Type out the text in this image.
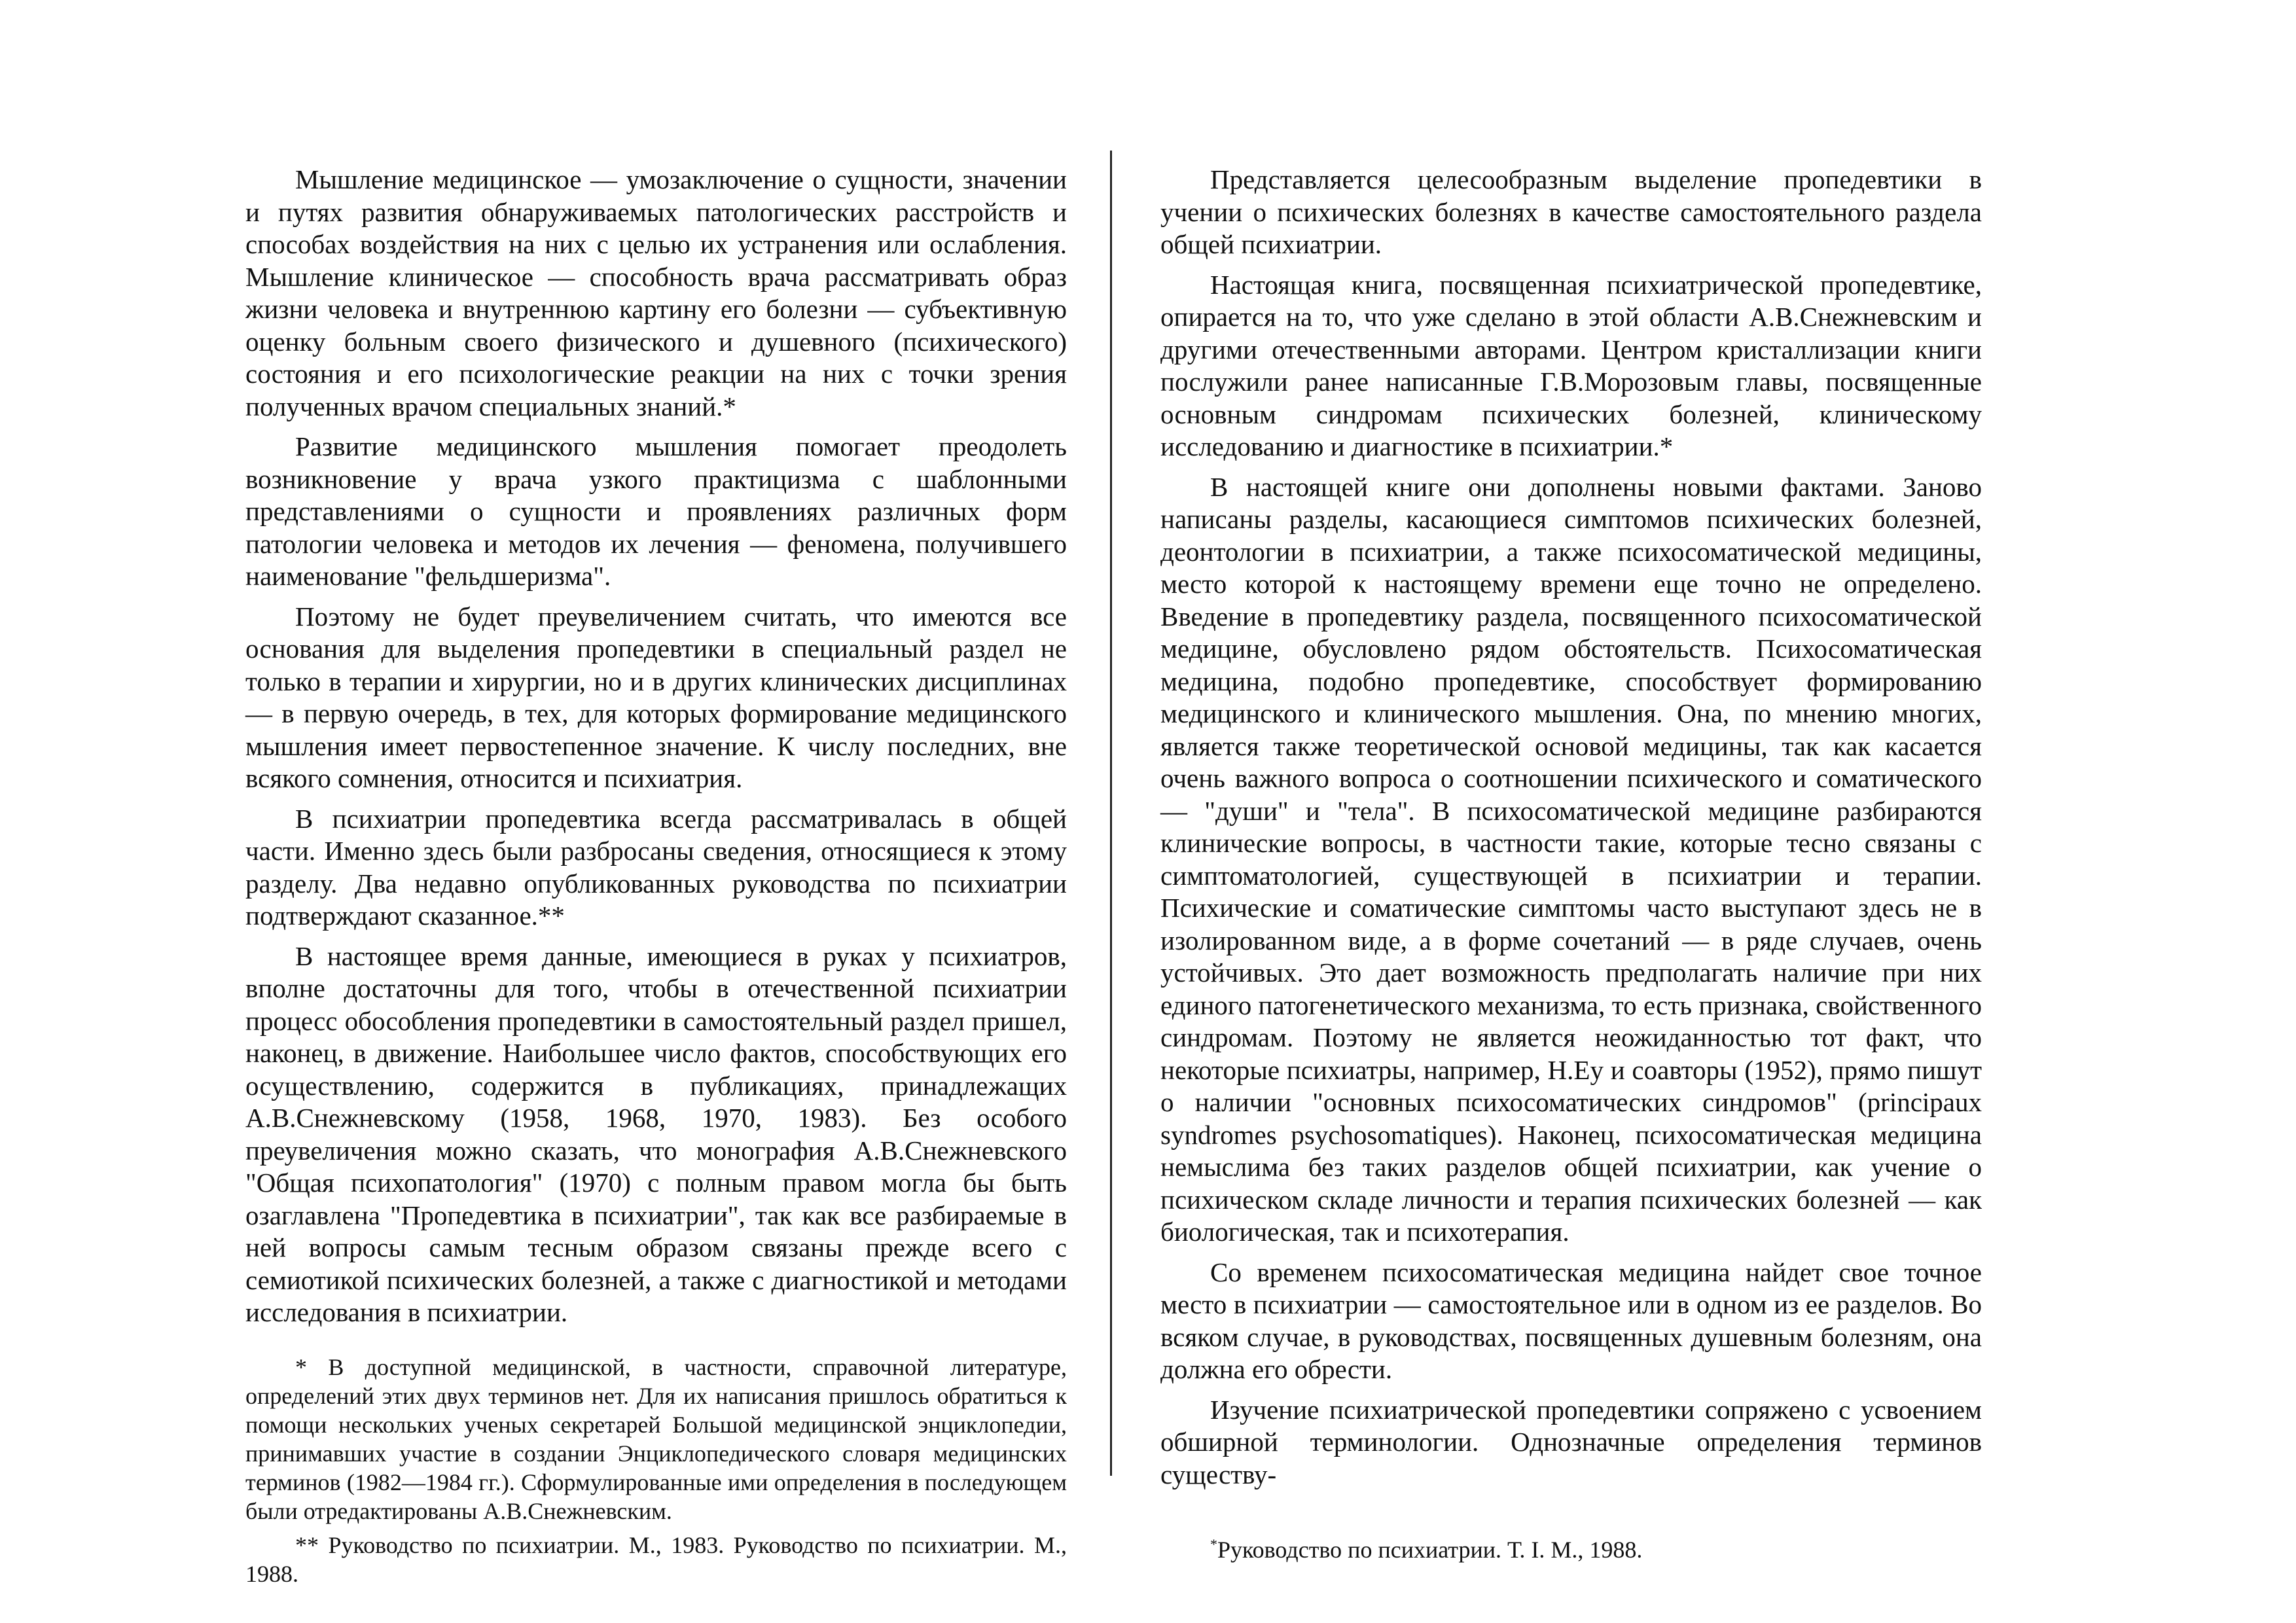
Мышление медицинское — умозаключение о сущности, значении и путях развития обнаруживаемых патологических расстройств и способах воздействия на них с целью их устранения или ослабления. Мышление клиническое — способность врача рассматривать образ жизни человека и внутреннюю картину его болезни — субъективную оценку больным своего физического и душевного (психического) состояния и его психологические реакции на них с точки зрения полученных врачом специальных знаний.*

Развитие медицинского мышления помогает преодолеть возникновение у врача узкого практицизма с шаблонными представлениями о сущности и проявлениях различных форм патологии человека и методов их лечения — феномена, получившего наименование "фельдшеризма".

Поэтому не будет преувеличением считать, что имеются все основания для выделения пропедевтики в специальный раздел не только в терапии и хирургии, но и в других клинических дисциплинах — в первую очередь, в тех, для которых формирование медицинского мышления имеет первостепенное значение. К числу последних, вне всякого сомнения, относится и психиатрия.

В психиатрии пропедевтика всегда рассматривалась в общей части. Именно здесь были разбросаны сведения, относящиеся к этому разделу. Два недавно опубликованных руководства по психиатрии подтверждают сказанное.**

В настоящее время данные, имеющиеся в руках у психиатров, вполне достаточны для того, чтобы в отечественной психиатрии процесс обособления пропедевтики в самостоятельный раздел пришел, наконец, в движение. Наибольшее число фактов, способствующих его осуществлению, содержится в публикациях, принадлежащих А.В.Снежневскому (1958, 1968, 1970, 1983). Без особого преувеличения можно сказать, что монография А.В.Снежневского "Общая психопатология" (1970) с полным правом могла бы быть озаглавлена "Пропедевтика в психиатрии", так как все разбираемые в ней вопросы самым тесным образом связаны прежде всего с семиотикой психических болезней, а также с диагностикой и методами исследования в психиатрии.

* В доступной медицинской, в частности, справочной литературе, определений этих двух терминов нет. Для их написания пришлось обратиться к помощи нескольких ученых секретарей Большой медицинской энциклопедии, принимавших участие в создании Энциклопедического словаря медицинских терминов (1982—1984 гг.). Сформулированные ими определения в последующем были отредактированы А.В.Снежневским.

** Руководство по психиатрии. М., 1983. Руководство по психиатрии. М., 1988.

Представляется целесообразным выделение пропедевтики в учении о психических болезнях в качестве самостоятельного раздела общей психиатрии.

Настоящая книга, посвященная психиатрической пропедевтике, опирается на то, что уже сделано в этой области А.В.Снежневским и другими отечественными авторами. Центром кристаллизации книги послужили ранее написанные Г.В.Морозовым главы, посвященные основным синдромам психических болезней, клиническому исследованию и диагностике в психиатрии.*

В настоящей книге они дополнены новыми фактами. Заново написаны разделы, касающиеся симптомов психических болезней, деонтологии в психиатрии, а также психосоматической медицины, место которой к настоящему времени еще точно не определено. Введение в пропедевтику раздела, посвященного психосоматической медицине, обусловлено рядом обстоятельств. Психосоматическая медицина, подобно пропедевтике, способствует формированию медицинского и клинического мышления. Она, по мнению многих, является также теоретической основой медицины, так как касается очень важного вопроса о соотношении психического и соматического — "души" и "тела". В психосоматической медицине разбираются клинические вопросы, в частности такие, которые тесно связаны с симптоматологией, существующей в психиатрии и терапии. Психические и соматические симптомы часто выступают здесь не в изолированном виде, а в форме сочетаний — в ряде случаев, очень устойчивых. Это дает возможность предполагать наличие при них единого патогенетического механизма, то есть признака, свойственного синдромам. Поэтому не является неожиданностью тот факт, что некоторые психиатры, например, H.Ey и соавторы (1952), прямо пишут о наличии "основных психосоматических синдромов" (principaux syndromes psychosomatiques). Наконец, психосоматическая медицина немыслима без таких разделов общей психиатрии, как учение о психическом складе личности и терапия психических болезней — как биологическая, так и психотерапия.

Со временем психосоматическая медицина найдет свое точное место в психиатрии — самостоятельное или в одном из ее разделов. Во всяком случае, в руководствах, посвященных душевным болезням, она должна его обрести.

Изучение психиатрической пропедевтики сопряжено с усвоением обширной терминологии. Однозначные определения терминов существу-

*Руководство по психиатрии. Т. I. М., 1988.
